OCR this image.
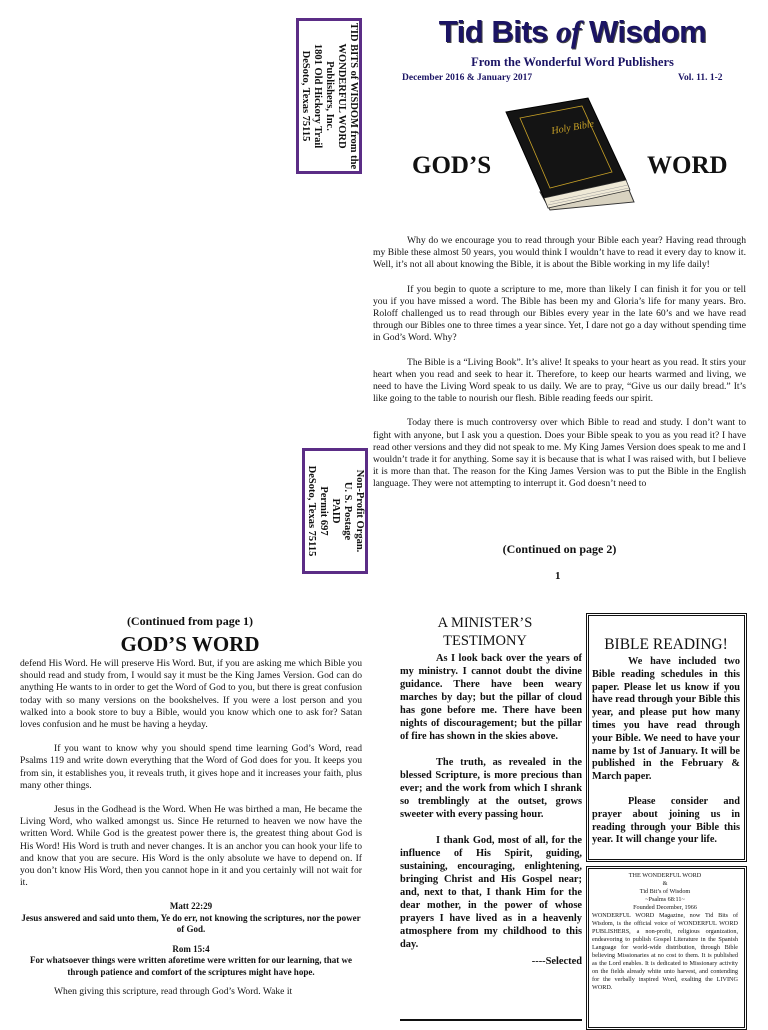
TID BITS of WISDOM from the
WONDERFUL WORD
Publishers, Inc.
1801 Old Hickory Trail
DeSoto, Texas 75115
Non-Profit Organ.
U. S. Postage
PAID
Permit 697
DeSoto, Texas 75115
Tid Bits of Wisdom
From the Wonderful Word Publishers
December 2016 & January 2017	Vol. 11. 1-2
GOD’S	WORD
Holy Bible

Why do we encourage you to read through your Bible each year? Having read through my Bible these almost 50 years, you would think I wouldn’t have to read it every day to know it. Well, it’s not all about knowing the Bible, it is about the Bible working in my life daily!

If you begin to quote a scripture to me, more than likely I can finish it for you or tell you if you have missed a word. The Bible has been my and Gloria’s life for many years. Bro. Roloff challenged us to read through our Bibles every year in the late 60’s and we have read through our Bibles one to three times a year since. Yet, I dare not go a day without spending time in God’s Word. Why?

The Bible is a “Living Book”. It’s alive! It speaks to your heart as you read. It stirs your heart when you read and seek to hear it. Therefore, to keep our hearts warmed and living, we need to have the Living Word speak to us daily. We are to pray, “Give us our daily bread.” It’s like going to the table to nourish our flesh. Bible reading feeds our spirit.

Today there is much controversy over which Bible to read and study. I don’t want to fight with anyone, but I ask you a question. Does your Bible speak to you as you read it? I have read other versions and they did not speak to me. My King James Version does speak to me and I wouldn’t trade it for anything. Some say it is because that is what I was raised with, but I believe it is more than that. The reason for the King James Version was to put the Bible in the English language. They were not attempting to interrupt it. God doesn’t need to

(Continued on page 2)
1
(Continued from page 1)
GOD’S WORD

defend His Word. He will preserve His Word. But, if you are asking me which Bible you should read and study from, I would say it must be the King James Version. God can do anything He wants to in order to get the Word of God to you, but there is great confusion today with so many versions on the bookshelves. If you were a lost person and you walked into a book store to buy a Bible, would you know which one to ask for? Satan loves confusion and he must be having a heyday.

If you want to know why you should spend time learning God’s Word, read Psalms 119 and write down everything that the Word of God does for you. It keeps you from sin, it establishes you, it reveals truth, it gives hope and it increases your faith, plus many other things.

Jesus in the Godhead is the Word. When He was birthed a man, He became the Living Word, who walked amongst us. Since He returned to heaven we now have the written Word. While God is the greatest power there is, the greatest thing about God is His Word! His Word is truth and never changes. It is an anchor you can hook your life to and know that you are secure. His Word is the only absolute we have to depend on. If you don’t know His Word, then you cannot hope in it and you certainly will not wait for it.

Matt 22:29
Jesus answered and said unto them, Ye do err, not knowing the scriptures, nor the power of God.
Rom 15:4
For whatsoever things were written aforetime were written for our learning, that we through patience and comfort of the scriptures might have hope.

When giving this scripture, read through God’s Word. Wake it

A MINISTER’S
TESTIMONY

As I look back over the years of my ministry. I cannot doubt the divine guidance. There have been weary marches by day; but the pillar of cloud has gone before me. There have been nights of discouragement; but the pillar of fire has shown in the skies above.

The truth, as revealed in the blessed Scripture, is more precious than ever; and the work from which I shrank so tremblingly at the outset, grows sweeter with every passing hour.

I thank God, most of all, for the influence of His Spirit, guiding, sustaining, encouraging, enlightening, bringing Christ and His Gospel near; and, next to that, I thank Him for the dear mother, in the power of whose prayers I have lived as in a heavenly atmosphere from my childhood to this day.

----Selected
BIBLE READING!

We have included two Bible reading schedules in this paper. Please let us know if you have read through your Bible this year, and please put how many times you have read through your Bible. We need to have your name by 1st of January. It will be published in the February & March paper.

Please consider and prayer about joining us in reading through your Bible this year. It will change your life.

THE WONDERFUL WORD
&
Tid Bit’s of Wisdom
~Psalms 68:11~
Founded December, 1966
WONDERFUL WORD Magazine, now Tid Bits of Wisdom, is the official voice of WONDERFUL WORD PUBLISHERS, a non-profit, religious organization, endeavoring to publish Gospel Literature in the Spanish Language for world-wide distribution, through Bible believing Missionaries at no cost to them. It is published as the Lord enables. It is dedicated to Missionary activity on the fields already white unto harvest, and contending for the verbally inspired Word, exalting the LIVING WORD.
